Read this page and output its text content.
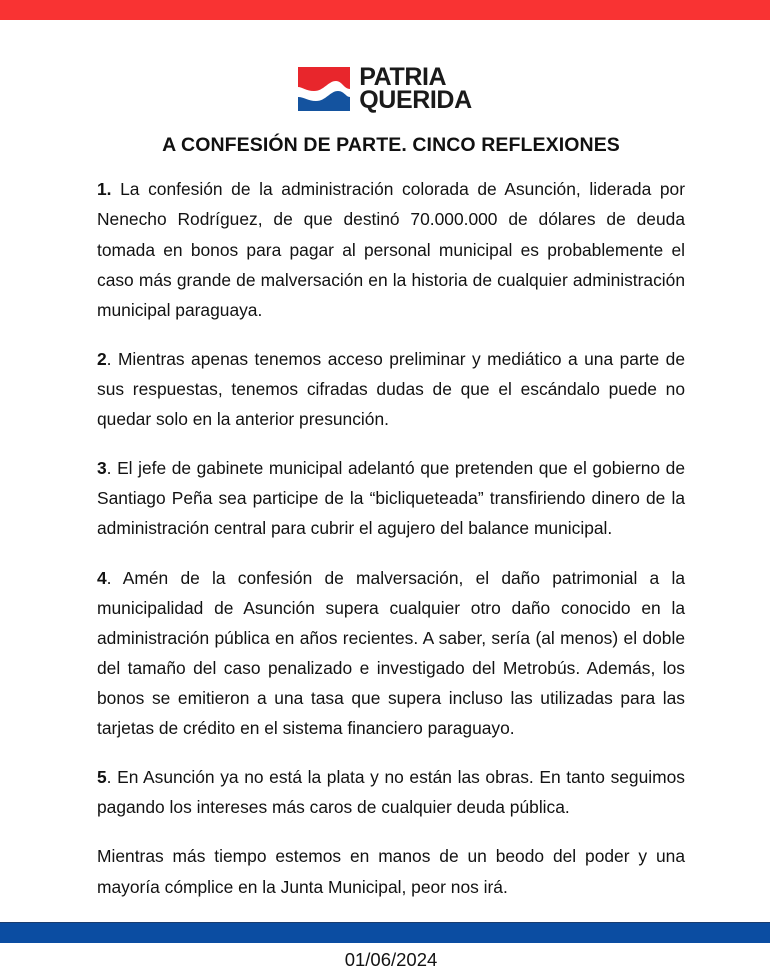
PATRIA
QUERIDA
A CONFESIÓN DE PARTE. CINCO REFLEXIONES

1. La confesión de la administración colorada de Asunción, liderada por Nenecho Rodríguez, de que destinó 70.000.000 de dólares de deuda tomada en bonos para pagar al personal municipal es probablemente el caso más grande de malversación en la historia de cualquier administración municipal paraguaya.

2. Mientras apenas tenemos acceso preliminar y mediático a una parte de sus respuestas, tenemos cifradas dudas de que el escándalo puede no quedar solo en la anterior presunción.

3. El jefe de gabinete municipal adelantó que pretenden que el gobierno de Santiago Peña sea participe de la “bicliqueteada” transfiriendo dinero de la administración central para cubrir el agujero del balance municipal.

4. Amén de la confesión de malversación, el daño patrimonial a la municipalidad de Asunción supera cualquier otro daño conocido en la administración pública en años recientes. A saber, sería (al menos) el doble del tamaño del caso penalizado e investigado del Metrobús. Además, los bonos se emitieron a una tasa que supera incluso las utilizadas para las tarjetas de crédito en el sistema financiero paraguayo.

5. En Asunción ya no está la plata y no están las obras. En tanto seguimos pagando los intereses más caros de cualquier deuda pública.

Mientras más tiempo estemos en manos de un beodo del poder y una mayoría cómplice en la Junta Municipal, peor nos irá.

01/06/2024
